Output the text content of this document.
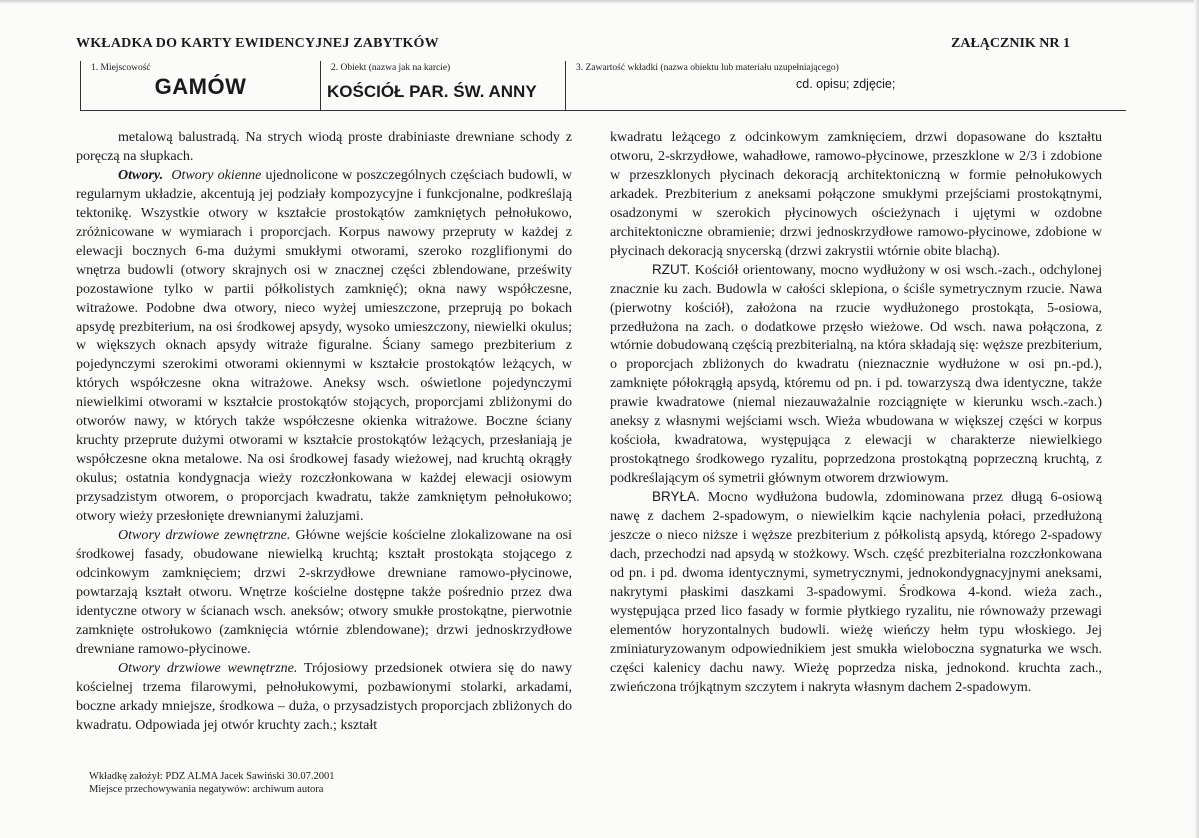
WKŁADKA DO KARTY EWIDENCYJNEJ ZABYTKÓW	ZAŁĄCZNIK NR 1
1. Miejscowość
GAMÓW
2. Obiekt (nazwa jak na karcie)
KOŚCIÓŁ PAR. ŚW. ANNY
3. Zawartość wkładki (nazwa obiektu lub materiału uzupełniającego)
cd. opisu; zdjęcie;

metalową balustradą. Na strych wiodą proste drabiniaste drewniane schody z poręczą na słupkach.

Otwory. Otwory okienne ujednolicone w poszczególnych częściach budowli, w regularnym układzie, akcentują jej podziały kompozycyjne i funkcjonalne, podkreślają tektonikę. Wszystkie otwory w kształcie prostokątów zamkniętych pełnołukowo, zróżnicowane w wymiarach i proporcjach. Korpus nawowy przepruty w każdej z elewacji bocznych 6-ma dużymi smukłymi otworami, szeroko rozglifionymi do wnętrza budowli (otwory skrajnych osi w znacznej części zblendowane, prześwity pozostawione tylko w partii półkolistych zamknięć); okna nawy współczesne, witrażowe. Podobne dwa otwory, nieco wyżej umieszczone, przeprują po bokach apsydę prezbiterium, na osi środkowej apsydy, wysoko umieszczony, niewielki okulus; w większych oknach apsydy witraże figuralne. Ściany samego prezbiterium z pojedynczymi szerokimi otworami okiennymi w kształcie prostokątów leżących, w których współczesne okna witrażowe. Aneksy wsch. oświetlone pojedynczymi niewielkimi otworami w kształcie prostokątów stojących, proporcjami zbliżonymi do otworów nawy, w których także współczesne okienka witrażowe. Boczne ściany kruchty przeprute dużymi otworami w kształcie prostokątów leżących, przesłaniają je współczesne okna metalowe. Na osi środkowej fasady wieżowej, nad kruchtą okrągły okulus; ostatnia kondygnacja wieży rozczłonkowana w każdej elewacji osiowym przysadzistym otworem, o proporcjach kwadratu, także zamkniętym pełnołukowo; otwory wieży przesłonięte drewnianymi żaluzjami.

Otwory drzwiowe zewnętrzne. Główne wejście kościelne zlokalizowane na osi środkowej fasady, obudowane niewielką kruchtą; kształt prostokąta stojącego z odcinkowym zamknięciem; drzwi 2-skrzydłowe drewniane ramowo-płycinowe, powtarzają kształt otworu. Wnętrze kościelne dostępne także pośrednio przez dwa identyczne otwory w ścianach wsch. aneksów; otwory smukłe prostokątne, pierwotnie zamknięte ostrołukowo (zamknięcia wtórnie zblendowane); drzwi jednoskrzydłowe drewniane ramowo-płycinowe.

Otwory drzwiowe wewnętrzne. Trójosiowy przedsionek otwiera się do nawy kościelnej trzema filarowymi, pełnołukowymi, pozbawionymi stolarki, arkadami, boczne arkady mniejsze, środkowa – duża, o przysadzistych proporcjach zbliżonych do kwadratu. Odpowiada jej otwór kruchty zach.; kształt

kwadratu leżącego z odcinkowym zamknięciem, drzwi dopasowane do kształtu otworu, 2-skrzydłowe, wahadłowe, ramowo-płycinowe, przeszklone w 2/3 i zdobione w przeszklonych płycinach dekoracją architektoniczną w formie pełnołukowych arkadek. Prezbiterium z aneksami połączone smukłymi przejściami prostokątnymi, osadzonymi w szerokich płycinowych ościeżynach i ujętymi w ozdobne architektoniczne obramienie; drzwi jednoskrzydłowe ramowo-płycinowe, zdobione w płycinach dekoracją snycerską (drzwi zakrystii wtórnie obite blachą).

RZUT. Kościół orientowany, mocno wydłużony w osi wsch.-zach., odchylonej znacznie ku zach. Budowla w całości sklepiona, o ściśle symetrycznym rzucie. Nawa (pierwotny kościół), założona na rzucie wydłużonego prostokąta, 5-osiowa, przedłużona na zach. o dodatkowe przęsło wieżowe. Od wsch. nawa połączona, z wtórnie dobudowaną częścią prezbiterialną, na która składają się: węższe prezbiterium, o proporcjach zbliżonych do kwadratu (nieznacznie wydłużone w osi pn.-pd.), zamknięte półokrągłą apsydą, któremu od pn. i pd. towarzyszą dwa identyczne, także prawie kwadratowe (niemal niezauważalnie rozciągnięte w kierunku wsch.-zach.) aneksy z własnymi wejściami wsch. Wieża wbudowana w większej części w korpus kościoła, kwadratowa, występująca z elewacji w charakterze niewielkiego prostokątnego środkowego ryzalitu, poprzedzona prostokątną poprzeczną kruchtą, z podkreślającym oś symetrii głównym otworem drzwiowym.

BRYŁA. Mocno wydłużona budowla, zdominowana przez długą 6-osiową nawę z dachem 2-spadowym, o niewielkim kącie nachylenia połaci, przedłużoną jeszcze o nieco niższe i węższe prezbiterium z półkolistą apsydą, którego 2-spadowy dach, przechodzi nad apsydą w stożkowy. Wsch. część prezbiterialna rozczłonkowana od pn. i pd. dwoma identycznymi, symetrycznymi, jednokondygnacyjnymi aneksami, nakrytymi płaskimi daszkami 3-spadowymi. Środkowa 4-kond. wieża zach., występująca przed lico fasady w formie płytkiego ryzalitu, nie równoważy przewagi elementów horyzontalnych budowli. wieżę wieńczy hełm typu włoskiego. Jej zminiaturyzowanym odpowiednikiem jest smukła wieloboczna sygnaturka we wsch. części kalenicy dachu nawy. Wieżę poprzedza niska, jednokond. kruchta zach., zwieńczona trójkątnym szczytem i nakryta własnym dachem 2-spadowym.

Wkładkę założył: PDZ ALMA Jacek Sawiński 30.07.2001
Miejsce przechowywania negatywów: archiwum autora
